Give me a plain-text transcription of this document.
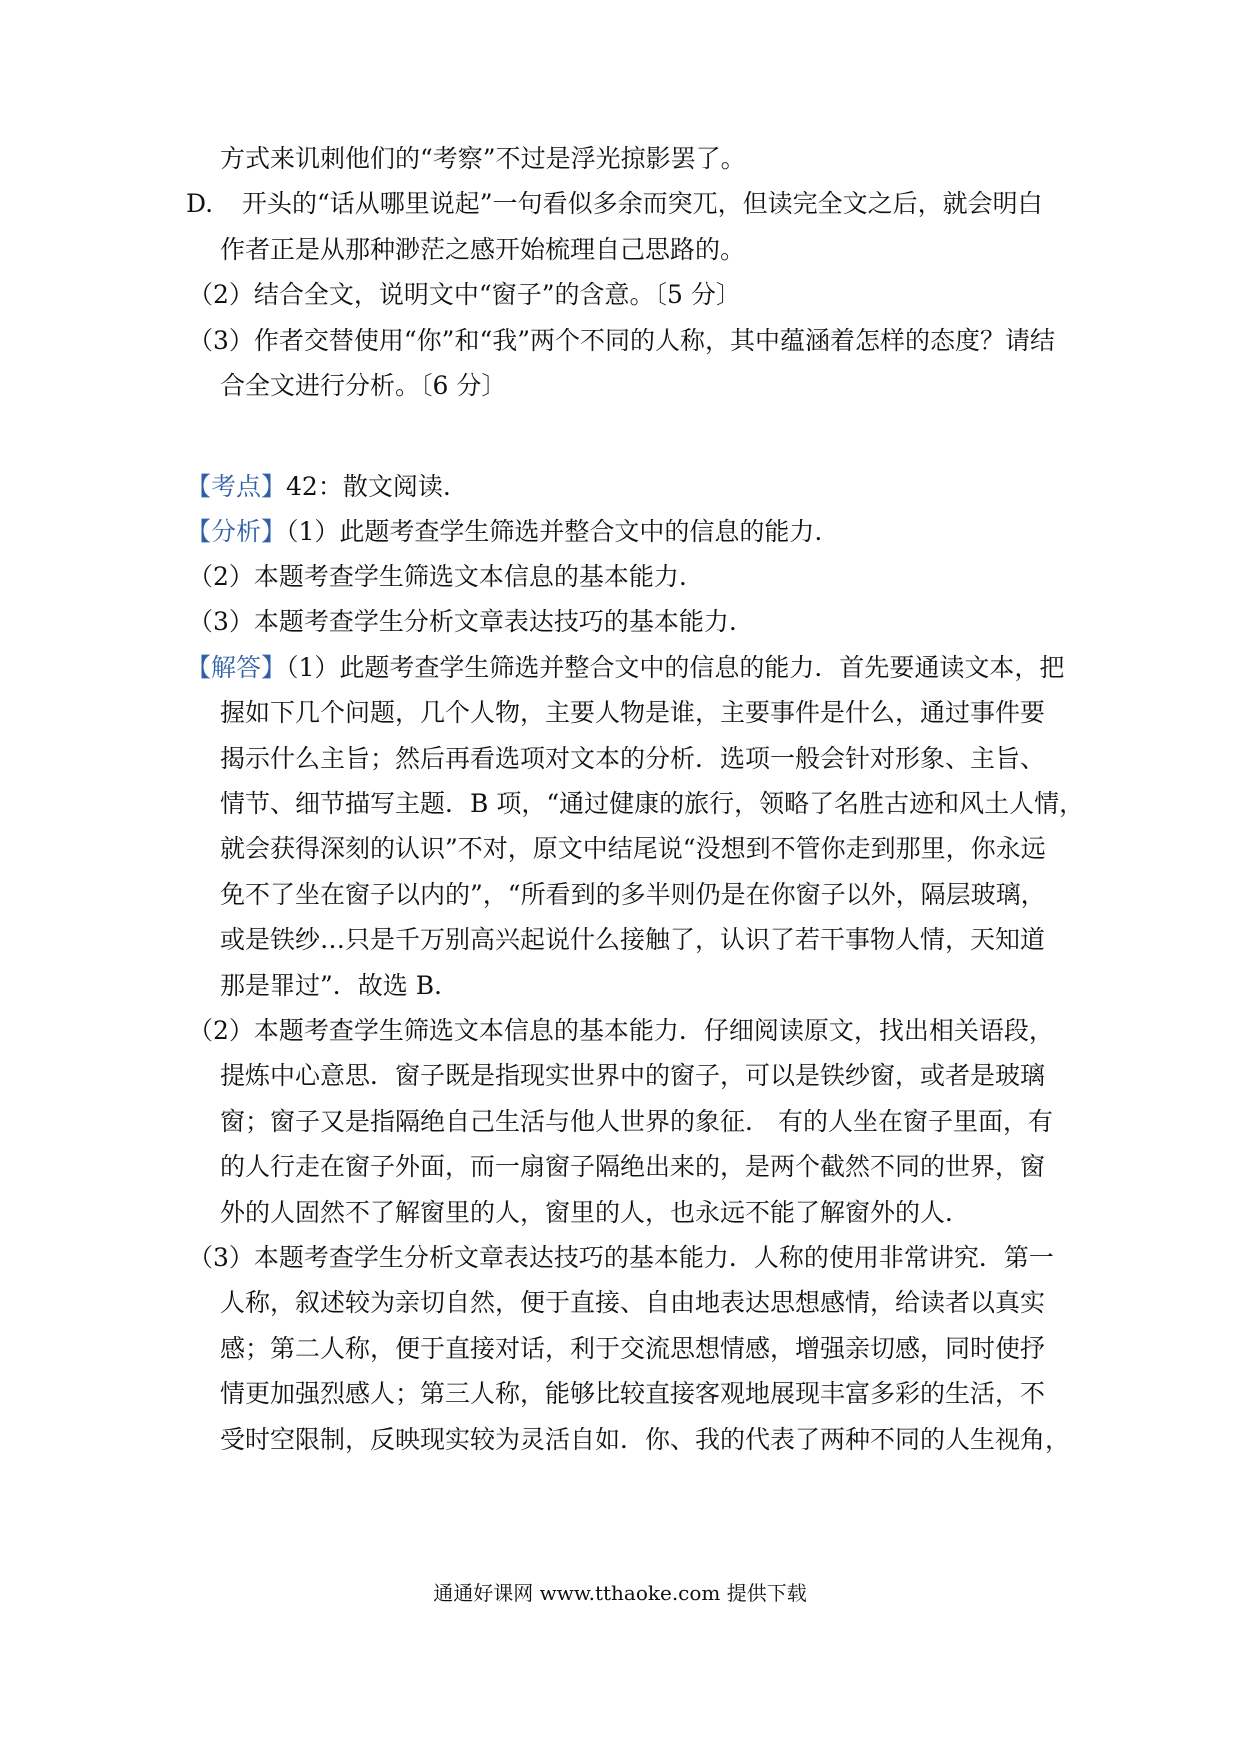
方式来讥刺他们的“考察”不过是浮光掠影罢了。
D. 开头的“话从哪里说起”一句看似多余而突兀，但读完全文之后，就会明白
作者正是从那种渺茫之感开始梳理自己思路的。
（2）结合全文，说明文中“窗子”的含意。〔5 分〕
（3）作者交替使用“你”和“我”两个不同的人称，其中蕴涵着怎样的态度？请结
合全文进行分析。〔6 分〕
【考点】42：散文阅读.
【分析】（1）此题考查学生筛选并整合文中的信息的能力.
（2）本题考查学生筛选文本信息的基本能力.
（3）本题考查学生分析文章表达技巧的基本能力.
【解答】（1）此题考查学生筛选并整合文中的信息的能力．首先要通读文本，把
握如下几个问题，几个人物，主要人物是谁，主要事件是什么，通过事件要
揭示什么主旨；然后再看选项对文本的分析．选项一般会针对形象、主旨、
情节、细节描写主题．B 项，“通过健康的旅行，领略了名胜古迹和风土人情，
就会获得深刻的认识”不对，原文中结尾说“没想到不管你走到那里，你永远
免不了坐在窗子以内的”，“所看到的多半则仍是在你窗子以外，隔层玻璃，
或是铁纱…只是千万别高兴起说什么接触了，认识了若干事物人情，天知道
那是罪过”．故选 B．
（2）本题考查学生筛选文本信息的基本能力．仔细阅读原文，找出相关语段，
提炼中心意思．窗子既是指现实世界中的窗子，可以是铁纱窗，或者是玻璃
窗；窗子又是指隔绝自己生活与他人世界的象征． 有的人坐在窗子里面，有
的人行走在窗子外面，而一扇窗子隔绝出来的，是两个截然不同的世界，窗
外的人固然不了解窗里的人，窗里的人，也永远不能了解窗外的人．
（3）本题考查学生分析文章表达技巧的基本能力．人称的使用非常讲究．第一
人称，叙述较为亲切自然，便于直接、自由地表达思想感情，给读者以真实
感；第二人称，便于直接对话，利于交流思想情感，增强亲切感，同时使抒
情更加强烈感人；第三人称，能够比较直接客观地展现丰富多彩的生活，不
受时空限制，反映现实较为灵活自如．你、我的代表了两种不同的人生视角，
通通好课网 www.tthaoke.com 提供下载
